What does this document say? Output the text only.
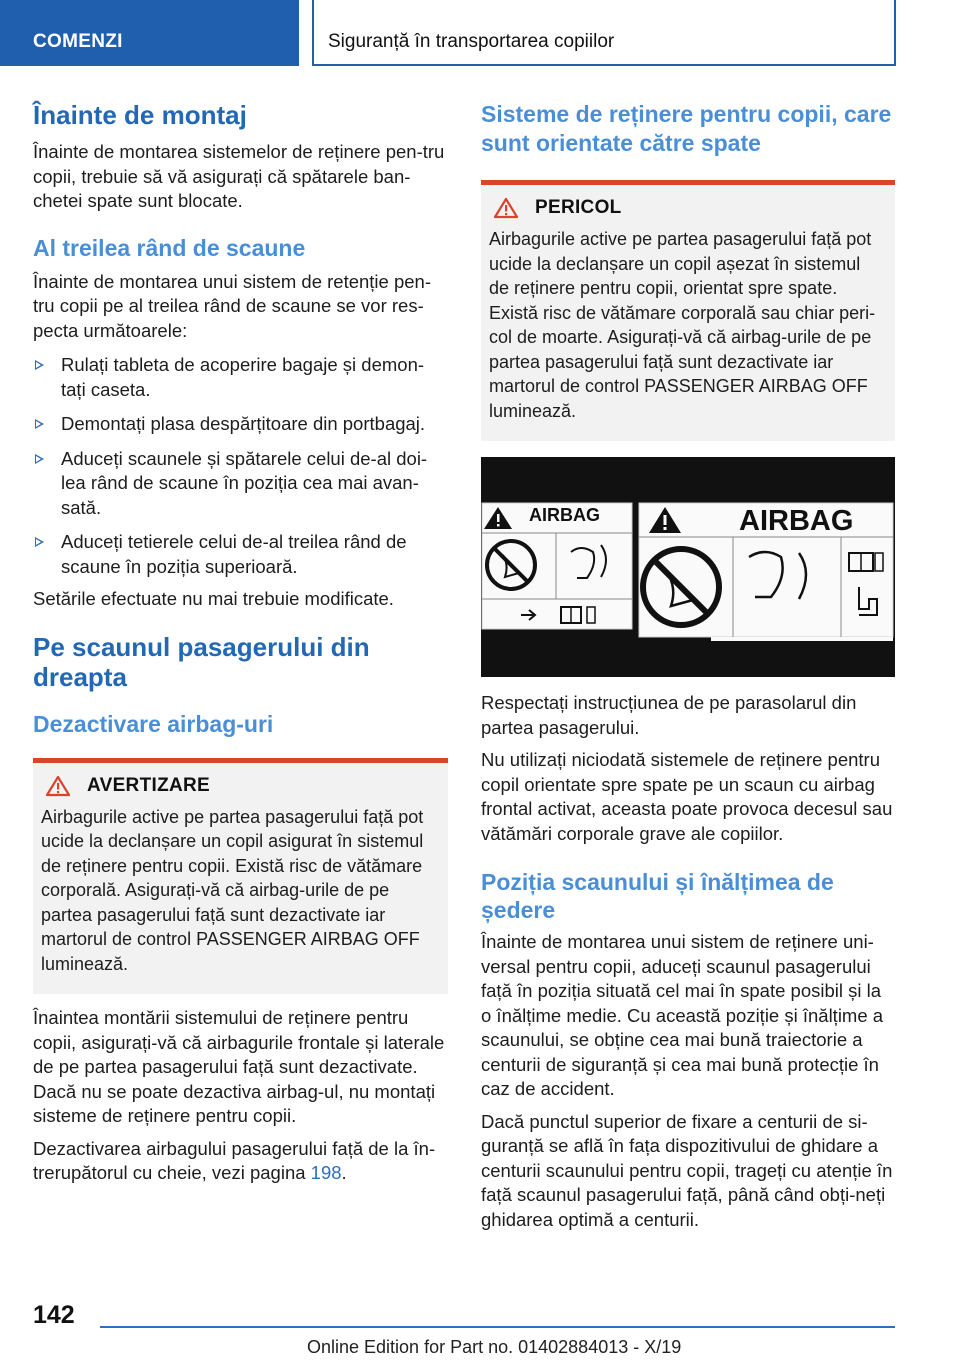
COMENZI	Siguranță în transportarea copiilor
Înainte de montaj

Înainte de montarea sistemelor de reținere pen-tru copii, trebuie să vă asigurați că spătarele ban-chetei spate sunt blocate.

Al treilea rând de scaune

Înainte de montarea unui sistem de retenție pen-tru copii pe al treilea rând de scaune se vor res-pecta următoarele:

Rulați tableta de acoperire bagaje și demon-tați caseta.
Demontați plasa despărțitoare din portbagaj.
Aduceți scaunele și spătarele celui de-al doi-lea rând de scaune în poziția cea mai avan-sată.
Aduceți tetierele celui de-al treilea rând de scaune în poziția superioară.

Setările efectuate nu mai trebuie modificate.

Pe scaunul pasagerului din dreapta
Dezactivare airbag-uri
AVERTIZARE

Airbagurile active pe partea pasagerului față pot ucide la declanșare un copil asigurat în sistemul de reținere pentru copii. Există risc de vătămare corporală. Asigurați-vă că airbag-urile de pe partea pasagerului față sunt dezactivate iar martorul de control PASSENGER AIRBAG OFF luminează.

Înaintea montării sistemului de reținere pentru copii, asigurați-vă că airbagurile frontale și laterale de pe partea pasagerului față sunt dezactivate. Dacă nu se poate dezactiva airbag-ul, nu montați sisteme de reținere pentru copii.

Dezactivarea airbagului pasagerului față de la în-trerupătorul cu cheie, vezi pagina 198.

Sisteme de reținere pentru copii, care sunt orientate către spate
PERICOL

Airbagurile active pe partea pasagerului față pot ucide la declanșare un copil așezat în sistemul de reținere pentru copii, orientat spre spate. Există risc de vătămare corporală sau chiar peri-col de moarte. Asigurați-vă că airbag-urile de pe partea pasagerului față sunt dezactivate iar martorul de control PASSENGER AIRBAG OFF luminează.

AIRBAG	AIRBAG

Respectați instrucțiunea de pe parasolarul din partea pasagerului.

Nu utilizați niciodată sistemele de reținere pentru copil orientate spre spate pe un scaun cu airbag frontal activat, aceasta poate provoca decesul sau vătămări corporale grave ale copiilor.

Poziția scaunului și înălțimea de ședere

Înainte de montarea unui sistem de reținere uni-versal pentru copii, aduceți scaunul pasagerului față în poziția situată cel mai în spate posibil și la o înălțime medie. Cu această poziție și înălțime a scaunului, se obține cea mai bună traiectorie a centurii de siguranță și cea mai bună protecție în caz de accident.

Dacă punctul superior de fixare a centurii de si-guranță se află în fața dispozitivului de ghidare a centurii scaunului pentru copii, trageți cu atenție în față scaunul pasagerului față, până când obți-neți ghidarea optimă a centurii.

142
Online Edition for Part no. 01402884013 - X/19
